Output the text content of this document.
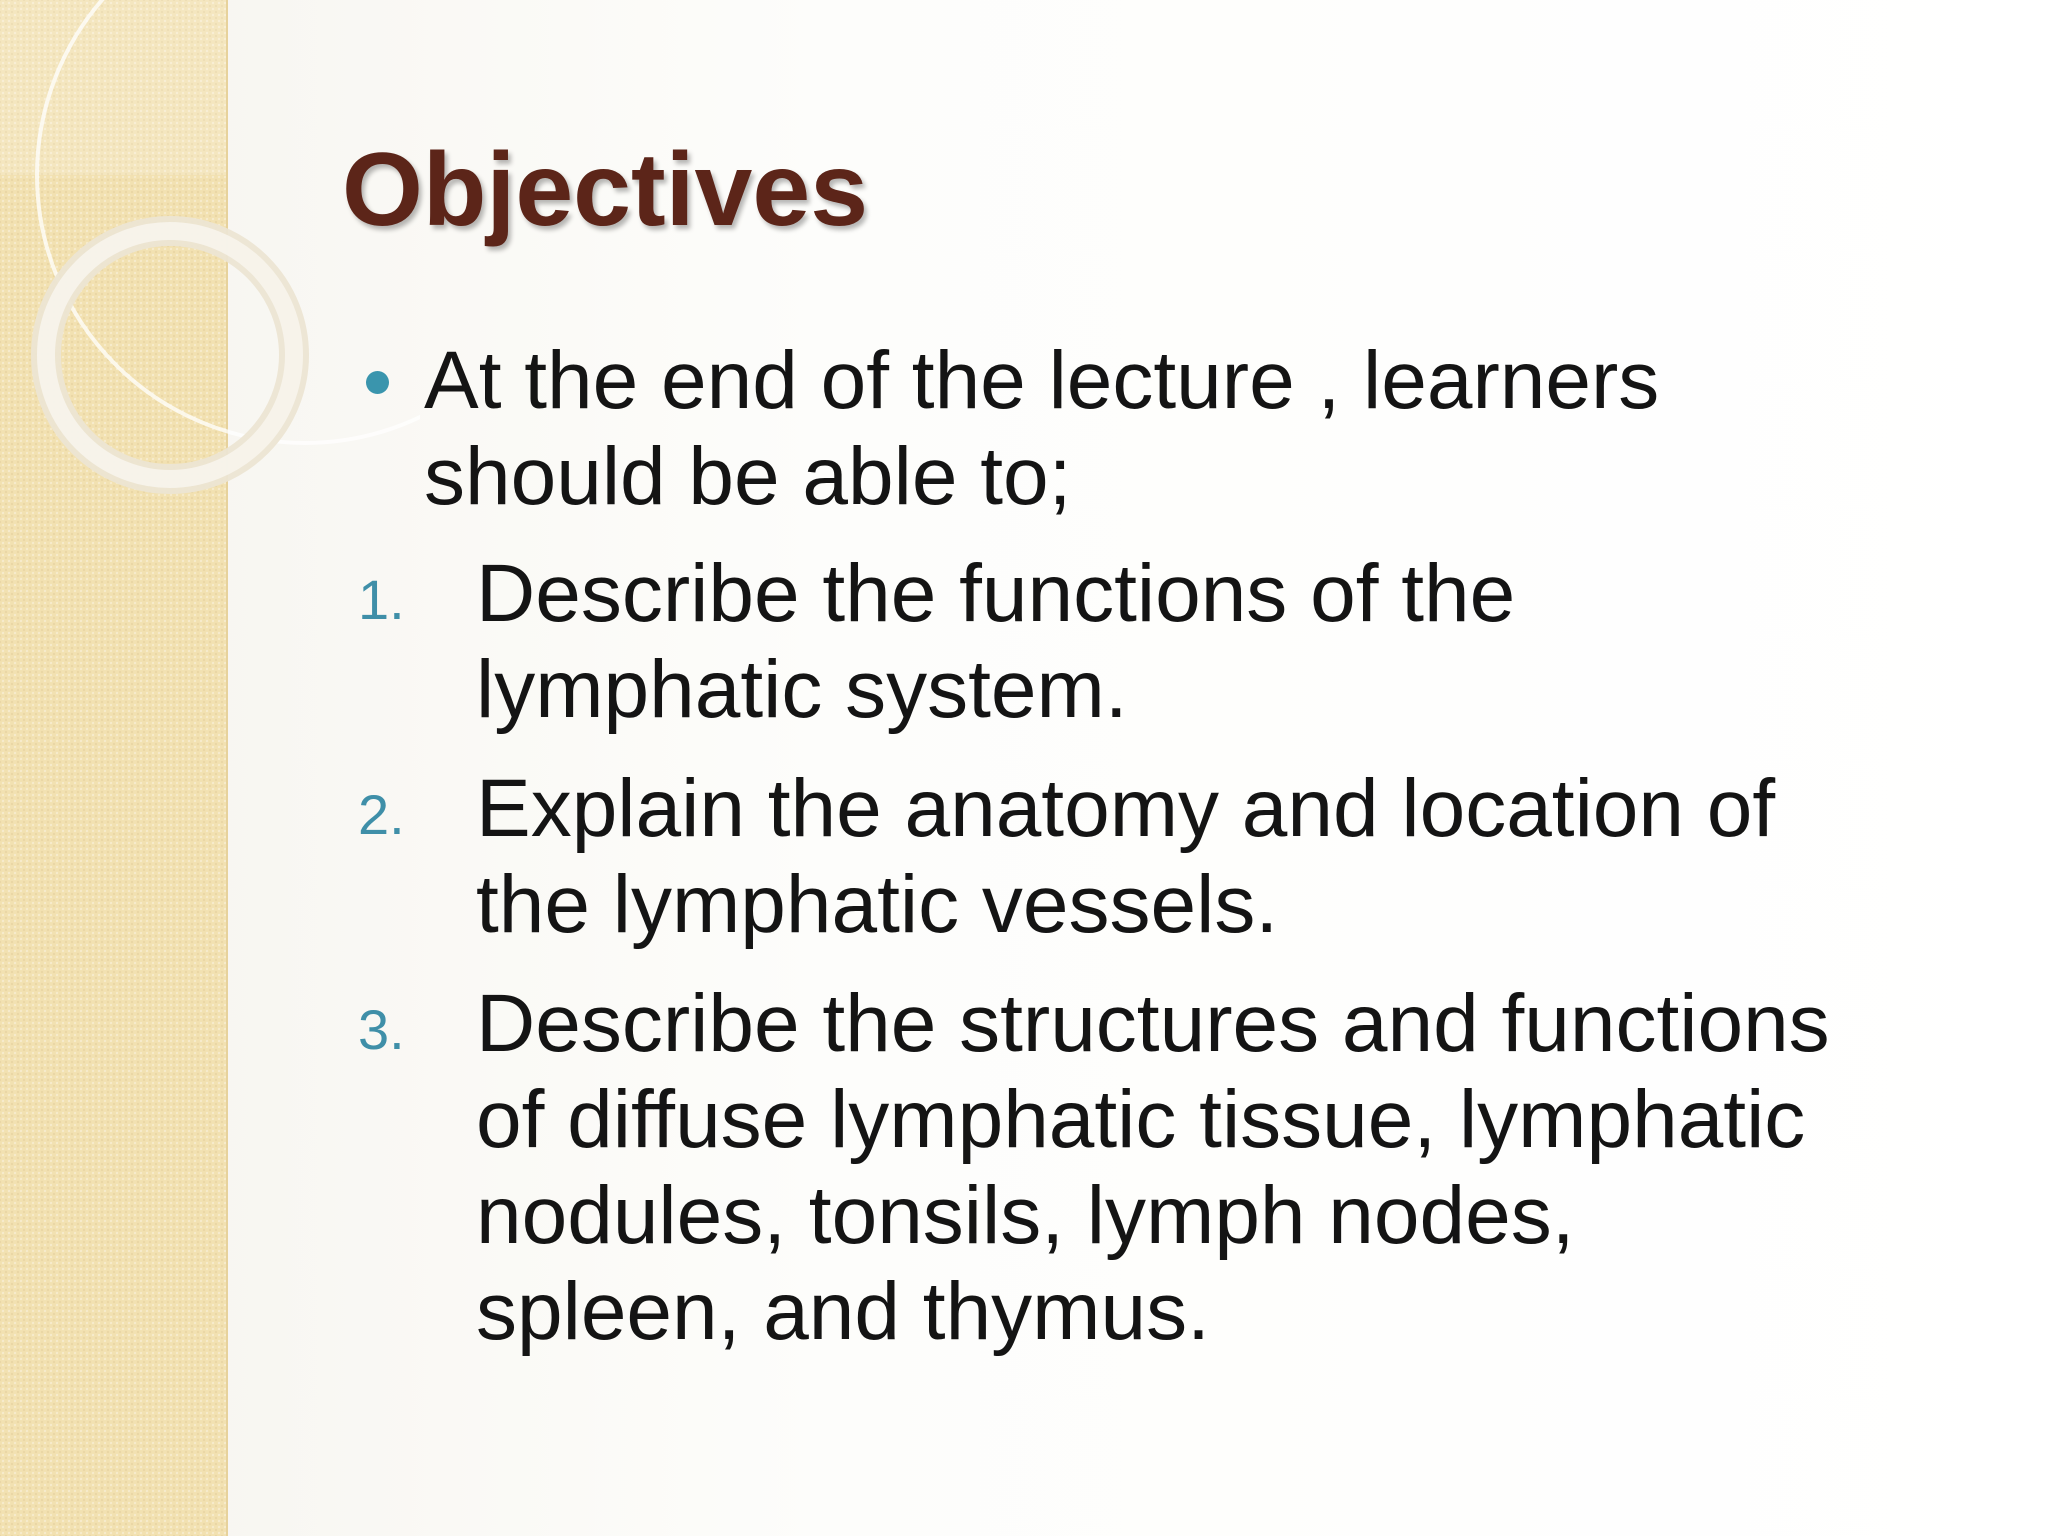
Objectives
At the end of the lecture , learners
should be able to;
1. Describe the functions of the
lymphatic system.
2. Explain the anatomy and location of
the lymphatic vessels.
3. Describe the structures and functions
of diffuse lymphatic tissue, lymphatic
nodules, tonsils, lymph nodes,
spleen, and thymus.
